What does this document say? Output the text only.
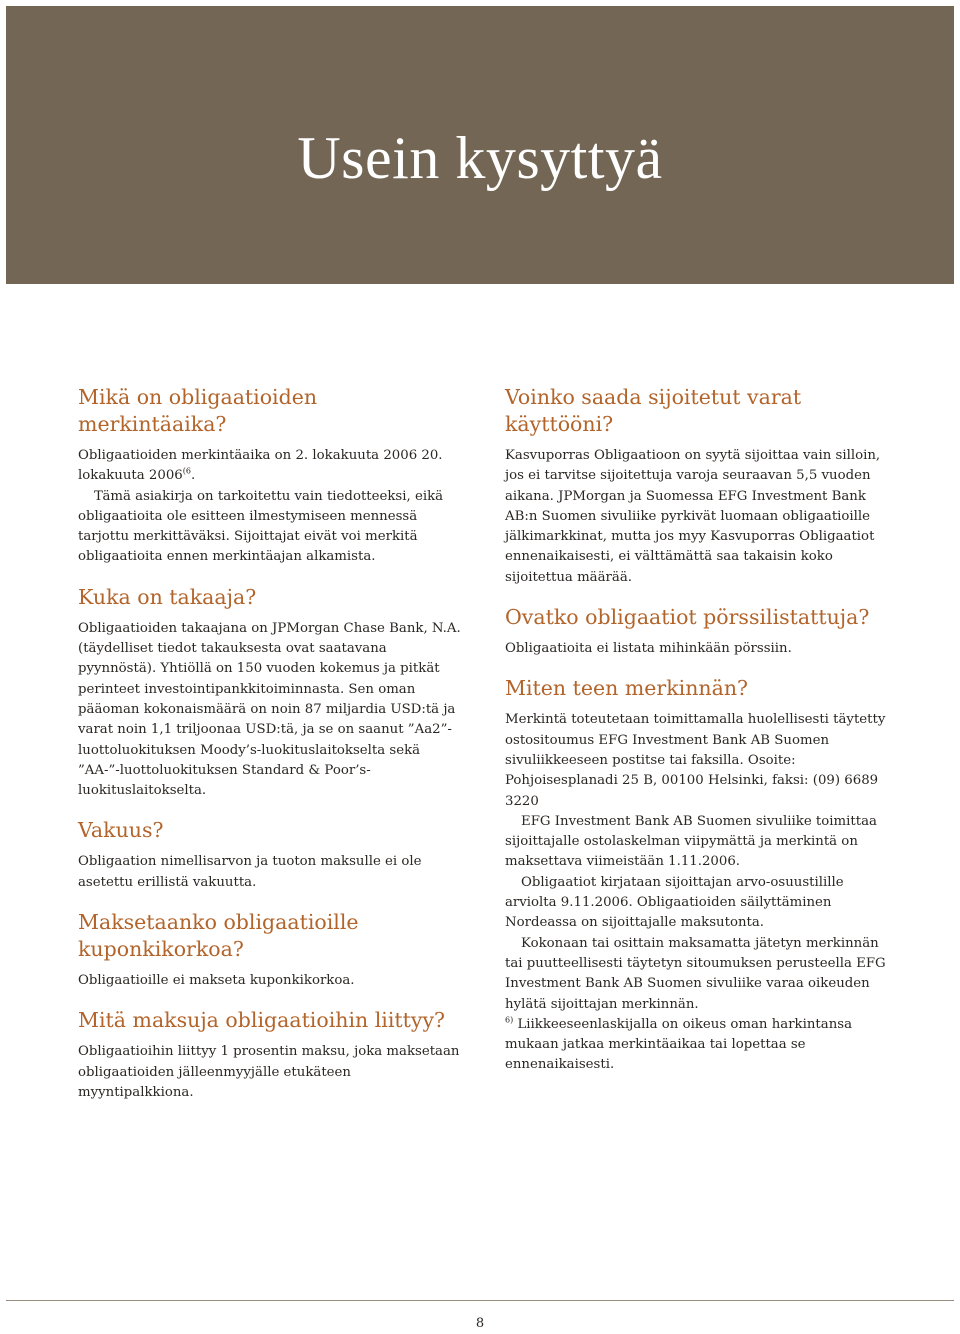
Usein kysyttyä
Mikä on obligaatioiden merkintäaika?

Obligaatioiden merkintäaika on 2. lokakuuta 2006 20. lokakuuta 2006$^{(6}$.

Tämä asiakirja on tarkoitettu vain tiedotteeksi, eikä obligaatioita ole esitteen ilmestymiseen mennessä tarjottu merkittäväksi. Sijoittajat eivät voi merkitä obligaatioita ennen merkintäajan alkamista.

Kuka on takaaja?

Obligaatioiden takaajana on JPMorgan Chase Bank, N.A. (täydelliset tiedot takauksesta ovat saatavana pyynnöstä). Yhtiöllä on 150 vuoden kokemus ja pitkät perinteet investointipankkitoiminnasta. Sen oman pääoman kokonaismäärä on noin 87 miljardia USD:tä ja varat noin 1,1 triljoonaa USD:tä, ja se on saanut ”Aa2”-luottoluokituksen Moody’s-luokituslaitokselta sekä ”AA-”-luottoluokituksen Standard & Poor’s-luokituslaitokselta.

Vakuus?

Obligaation nimellisarvon ja tuoton maksulle ei ole asetettu erillistä vakuutta.

Maksetaanko obligaatioille kuponkikorkoa?

Obligaatioille ei makseta kuponkikorkoa.

Mitä maksuja obligaatioihin liittyy?

Obligaatioihin liittyy 1 prosentin maksu, joka maksetaan obligaatioiden jälleenmyyjälle etukäteen myyntipalkkiona.

Voinko saada sijoitetut varat käyttööni?

Kasvuporras Obligaatioon on syytä sijoittaa vain silloin, jos ei tarvitse sijoitettuja varoja seuraavan 5,5 vuoden aikana. JPMorgan ja Suomessa EFG Investment Bank AB:n Suomen sivuliike pyrkivät luomaan obligaatioille jälkimarkkinat, mutta jos myy Kasvuporras Obligaatiot ennenaikaisesti, ei välttämättä saa takaisin koko sijoitettua määrää.

Ovatko obligaatiot pörssilistattuja?

Obligaatioita ei listata mihinkään pörssiin.

Miten teen merkinnän?

Merkintä toteutetaan toimittamalla huolellisesti täytetty ostositoumus EFG Investment Bank AB Suomen sivuliikkeeseen postitse tai faksilla. Osoite: Pohjoisesplanadi 25 B, 00100 Helsinki, faksi: (09) 6689 3220

EFG Investment Bank AB Suomen sivuliike toimittaa sijoittajalle ostolaskelman viipymättä ja merkintä on maksettava viimeistään 1.11.2006.

Obligaatiot kirjataan sijoittajan arvo-osuustilille arviolta 9.11.2006. Obligaatioiden säilyttäminen Nordeassa on sijoittajalle maksutonta.

Kokonaan tai osittain maksamatta jätetyn merkinnän tai puutteellisesti täytetyn sitoumuksen perusteella EFG Investment Bank AB Suomen sivuliike varaa oikeuden hylätä sijoittajan merkinnän.

$^{6)}$ Liikkeeseenlaskijalla on oikeus oman harkintansa mukaan jatkaa merkintäaikaa tai lopettaa se ennenaikaisesti.

8
